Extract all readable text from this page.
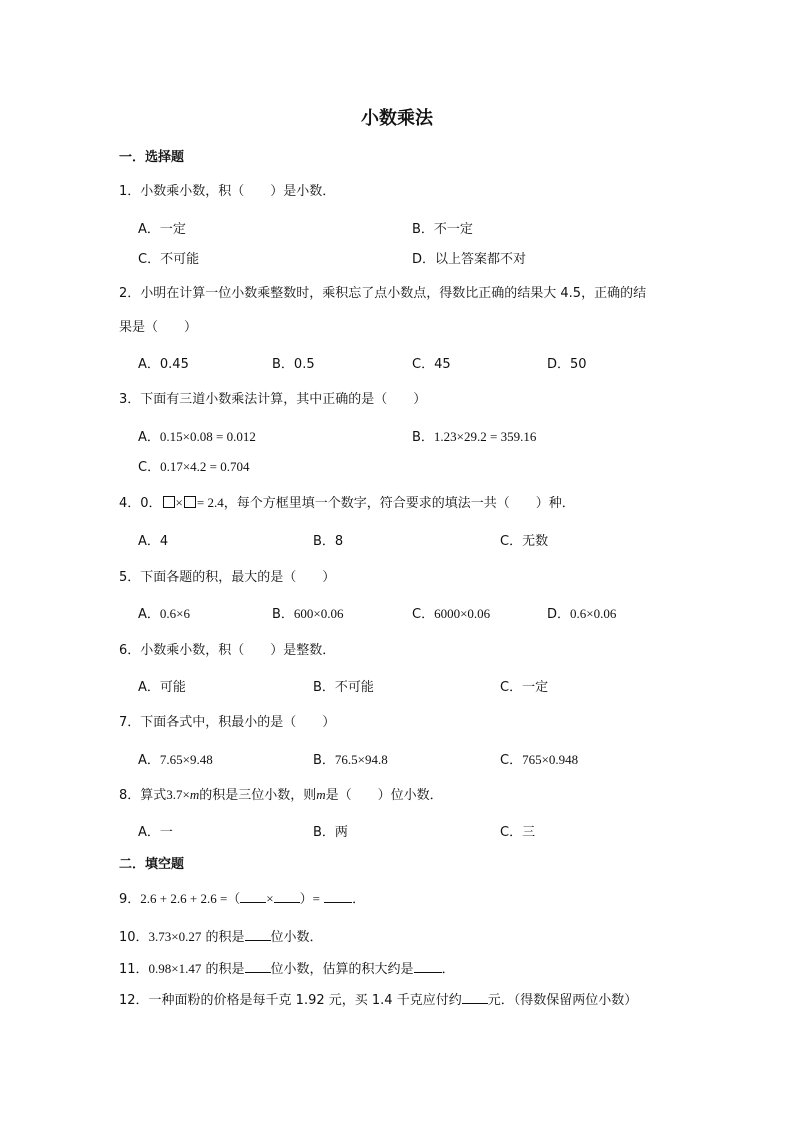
小数乘法
一．选择题
1．小数乘小数，积（　　）是小数．
A．一定	B．不一定
C．不可能	D．以上答案都不对
2．小明在计算一位小数乘整数时，乘积忘了点小数点，得数比正确的结果大 4.5，正确的结
果是（　　）
A．0.45	B．0.5	C．45	D．50
3．下面有三道小数乘法计算，其中正确的是（　　）
A．0.15×0.08 = 0.012	B．1.23×29.2 = 359.16
C．0.17×4.2 = 0.704
4．0． × = 2.4，每个方框里填一个数字，符合要求的填法一共（　　）种．
A．4	B．8	C．无数
5．下面各题的积，最大的是（　　）
A．0.6×6	B．600×0.06	C．6000×0.06	D．0.6×0.06
6．小数乘小数，积（　　）是整数．
A．可能	B．不可能	C．一定
7．下面各式中，积最小的是（　　）
A．7.65×9.48	B．76.5×94.8	C．765×0.948
8．算式3.7×m的积是三位小数，则m是（　　）位小数．
A．一	B．两	C．三
二．填空题
9．2.6 + 2.6 + 2.6 =（ × ）= ．
10．3.73×0.27 的积是 位小数．
11．0.98×1.47 的积是 位小数，估算的积大约是 ．
12．一种面粉的价格是每千克 1.92 元，买 1.4 千克应付约 元．（得数保留两位小数）
